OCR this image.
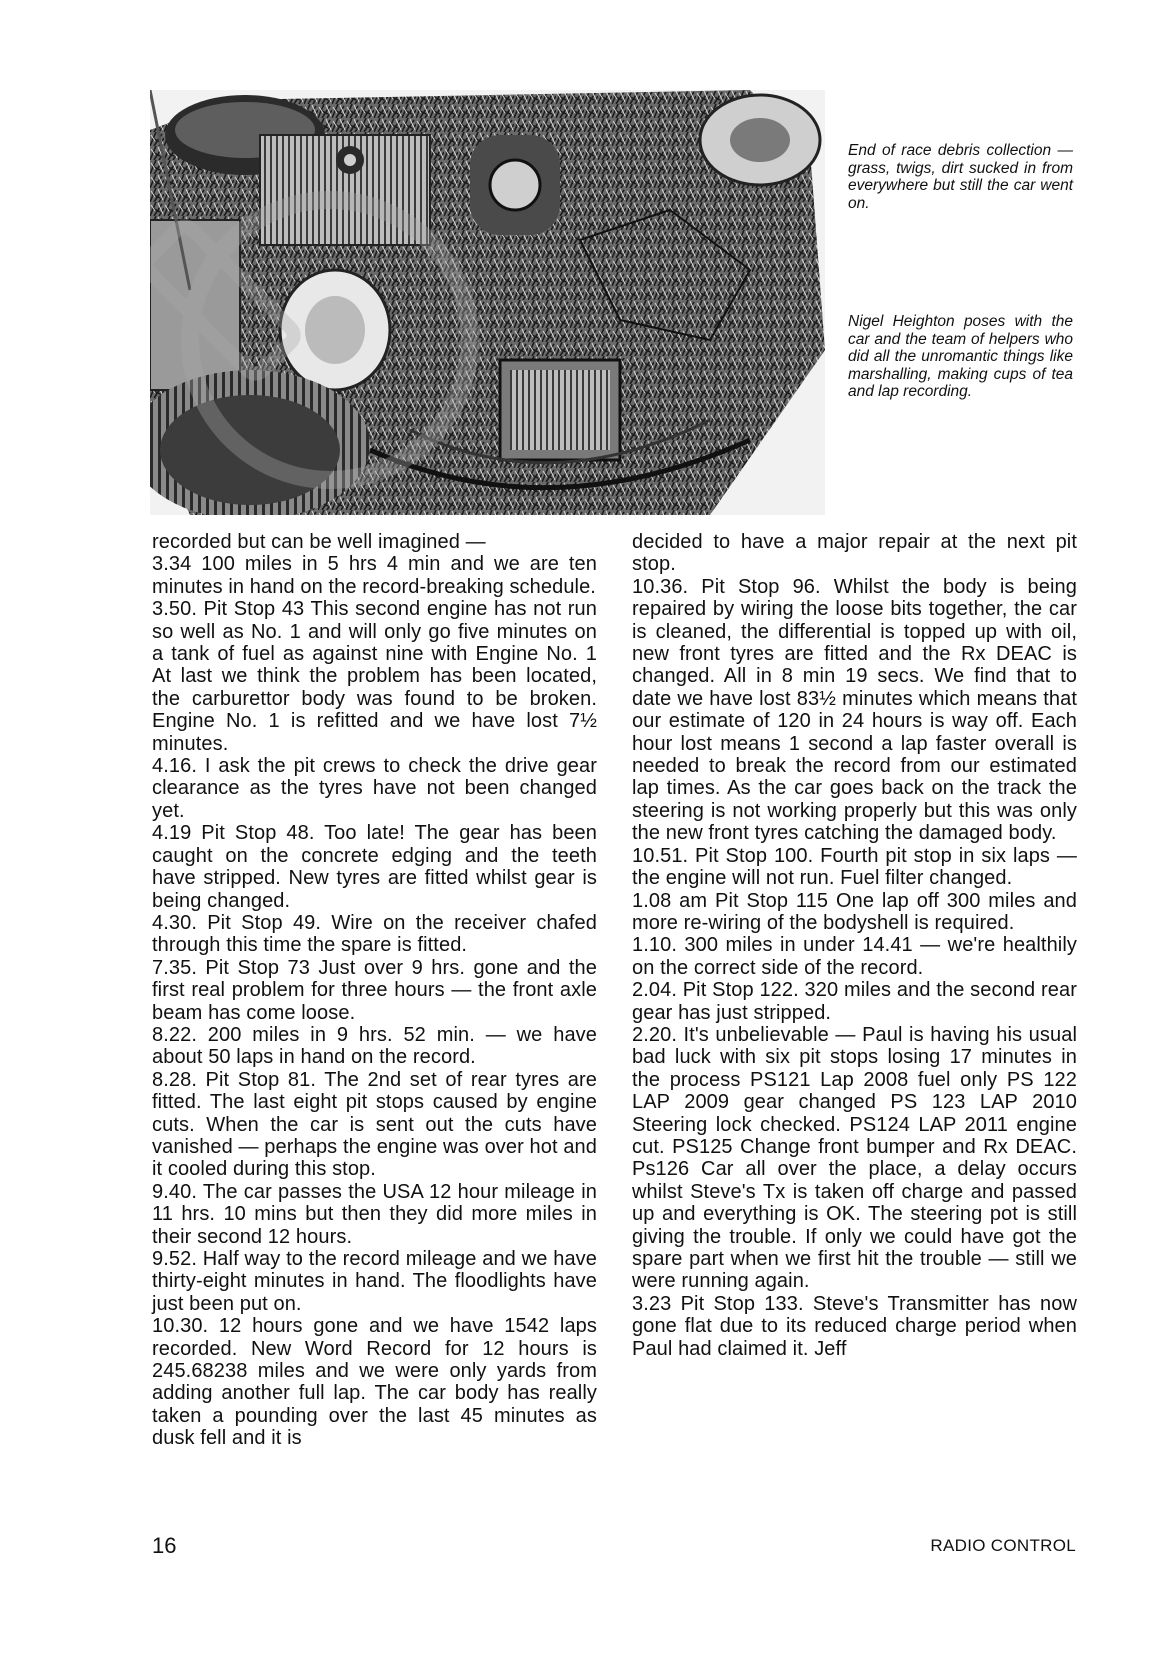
End of race debris collection — grass, twigs, dirt sucked in from everywhere but still the car went on.
Nigel Heighton poses with the car and the team of helpers who did all the unromantic things like marshalling, making cups of tea and lap recording.

recorded but can be well imagined —

3.34 100 miles in 5 hrs 4 min and we are ten minutes in hand on the record-breaking schedule.

3.50. Pit Stop 43 This second engine has not run so well as No. 1 and will only go five minutes on a tank of fuel as against nine with Engine No. 1 At last we think the problem has been located, the carburettor body was found to be broken. Engine No. 1 is refitted and we have lost 7½ minutes.

4.16. I ask the pit crews to check the drive gear clearance as the tyres have not been changed yet.

4.19 Pit Stop 48. Too late! The gear has been caught on the concrete edging and the teeth have stripped. New tyres are fitted whilst gear is being changed.

4.30. Pit Stop 49. Wire on the receiver chafed through this time the spare is fitted.

7.35. Pit Stop 73 Just over 9 hrs. gone and the first real problem for three hours — the front axle beam has come loose.

8.22. 200 miles in 9 hrs. 52 min. — we have about 50 laps in hand on the record.

8.28. Pit Stop 81. The 2nd set of rear tyres are fitted. The last eight pit stops caused by engine cuts. When the car is sent out the cuts have vanished — perhaps the engine was over hot and it cooled during this stop.

9.40. The car passes the USA 12 hour mileage in 11 hrs. 10 mins but then they did more miles in their second 12 hours.

9.52. Half way to the record mileage and we have thirty-eight minutes in hand. The floodlights have just been put on.

10.30. 12 hours gone and we have 1542 laps recorded. New Word Record for 12 hours is 245.68238 miles and we were only yards from adding another full lap. The car body has really taken a pounding over the last 45 minutes as dusk fell and it is

decided to have a major repair at the next pit stop.

10.36. Pit Stop 96. Whilst the body is being repaired by wiring the loose bits together, the car is cleaned, the differential is topped up with oil, new front tyres are fitted and the Rx DEAC is changed. All in 8 min 19 secs. We find that to date we have lost 83½ minutes which means that our estimate of 120 in 24 hours is way off. Each hour lost means 1 second a lap faster overall is needed to break the record from our estimated lap times. As the car goes back on the track the steering is not working properly but this was only the new front tyres catching the damaged body.

10.51. Pit Stop 100. Fourth pit stop in six laps — the engine will not run. Fuel filter changed.

1.08 am Pit Stop 115 One lap off 300 miles and more re-wiring of the bodyshell is required.

1.10. 300 miles in under 14.41 — we're healthily on the correct side of the record.

2.04. Pit Stop 122. 320 miles and the second rear gear has just stripped.

2.20. It's unbelievable — Paul is having his usual bad luck with six pit stops losing 17 minutes in the process PS121 Lap 2008 fuel only PS 122 LAP 2009 gear changed PS 123 LAP 2010 Steering lock checked. PS124 LAP 2011 engine cut. PS125 Change front bumper and Rx DEAC. Ps126 Car all over the place, a delay occurs whilst Steve's Tx is taken off charge and passed up and everything is OK. The steering pot is still giving the trouble. If only we could have got the spare part when we first hit the trouble — still we were running again.

3.23 Pit Stop 133. Steve's Transmitter has now gone flat due to its reduced charge period when Paul had claimed it. Jeff

16	RADIO CONTROL
